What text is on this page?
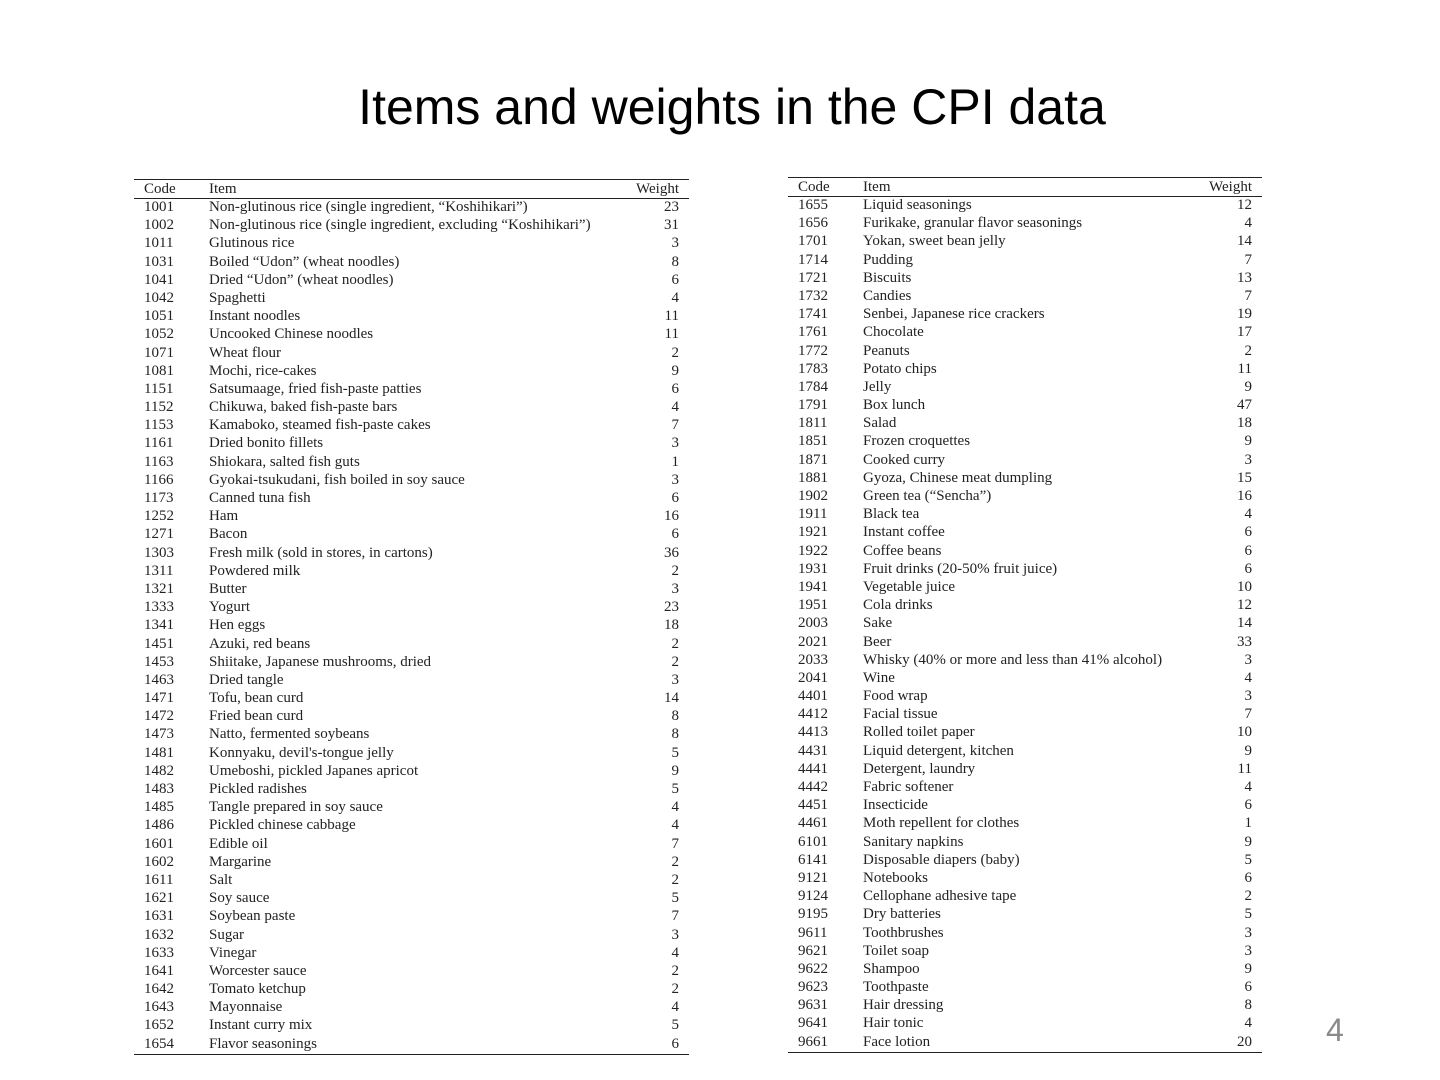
Items and weights in the CPI data
Code	Item	Weight
1001	Non-glutinous rice (single ingredient, “Koshihikari”)	23
1002	Non-glutinous rice (single ingredient, excluding “Koshihikari”)	31
1011	Glutinous rice	3
1031	Boiled “Udon” (wheat noodles)	8
1041	Dried “Udon” (wheat noodles)	6
1042	Spaghetti	4
1051	Instant noodles	11
1052	Uncooked Chinese noodles	11
1071	Wheat flour	2
1081	Mochi, rice-cakes	9
1151	Satsumaage, fried fish-paste patties	6
1152	Chikuwa, baked fish-paste bars	4
1153	Kamaboko, steamed fish-paste cakes	7
1161	Dried bonito fillets	3
1163	Shiokara, salted fish guts	1
1166	Gyokai-tsukudani, fish boiled in soy sauce	3
1173	Canned tuna fish	6
1252	Ham	16
1271	Bacon	6
1303	Fresh milk (sold in stores, in cartons)	36
1311	Powdered milk	2
1321	Butter	3
1333	Yogurt	23
1341	Hen eggs	18
1451	Azuki, red beans	2
1453	Shiitake, Japanese mushrooms, dried	2
1463	Dried tangle	3
1471	Tofu, bean curd	14
1472	Fried bean curd	8
1473	Natto, fermented soybeans	8
1481	Konnyaku, devil's-tongue jelly	5
1482	Umeboshi, pickled Japanes apricot	9
1483	Pickled radishes	5
1485	Tangle prepared in soy sauce	4
1486	Pickled chinese cabbage	4
1601	Edible oil	7
1602	Margarine	2
1611	Salt	2
1621	Soy sauce	5
1631	Soybean paste	7
1632	Sugar	3
1633	Vinegar	4
1641	Worcester sauce	2
1642	Tomato ketchup	2
1643	Mayonnaise	4
1652	Instant curry mix	5
1654	Flavor seasonings	6
Code	Item	Weight
1655	Liquid seasonings	12
1656	Furikake, granular flavor seasonings	4
1701	Yokan, sweet bean jelly	14
1714	Pudding	7
1721	Biscuits	13
1732	Candies	7
1741	Senbei, Japanese rice crackers	19
1761	Chocolate	17
1772	Peanuts	2
1783	Potato chips	11
1784	Jelly	9
1791	Box lunch	47
1811	Salad	18
1851	Frozen croquettes	9
1871	Cooked curry	3
1881	Gyoza, Chinese meat dumpling	15
1902	Green tea (“Sencha”)	16
1911	Black tea	4
1921	Instant coffee	6
1922	Coffee beans	6
1931	Fruit drinks (20-50% fruit juice)	6
1941	Vegetable juice	10
1951	Cola drinks	12
2003	Sake	14
2021	Beer	33
2033	Whisky (40% or more and less than 41% alcohol)	3
2041	Wine	4
4401	Food wrap	3
4412	Facial tissue	7
4413	Rolled toilet paper	10
4431	Liquid detergent, kitchen	9
4441	Detergent, laundry	11
4442	Fabric softener	4
4451	Insecticide	6
4461	Moth repellent for clothes	1
6101	Sanitary napkins	9
6141	Disposable diapers (baby)	5
9121	Notebooks	6
9124	Cellophane adhesive tape	2
9195	Dry batteries	5
9611	Toothbrushes	3
9621	Toilet soap	3
9622	Shampoo	9
9623	Toothpaste	6
9631	Hair dressing	8
9641	Hair tonic	4
9661	Face lotion	20 4
